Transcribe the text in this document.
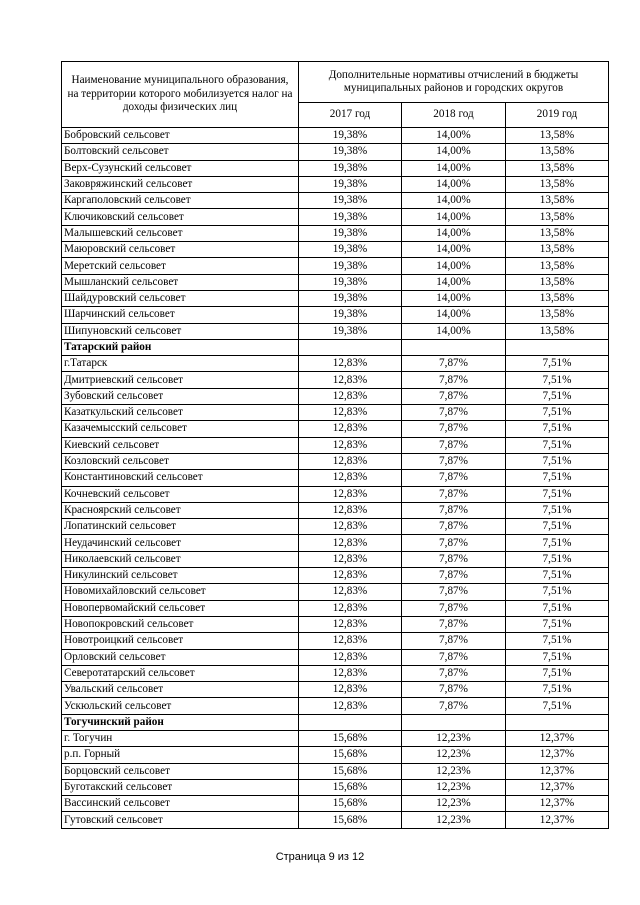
Наименование муниципального образования, на территории которого мобилизуется налог на доходы физических лиц	Дополнительные нормативы отчислений в бюджеты муниципальных районов и городских округов		
	2017 год	2018 год	2019 год
Бобровский сельсовет	19,38%	14,00%	13,58%
Болтовский сельсовет	19,38%	14,00%	13,58%
Верх-Сузунский сельсовет	19,38%	14,00%	13,58%
Заковряжинский сельсовет	19,38%	14,00%	13,58%
Каргаполовский сельсовет	19,38%	14,00%	13,58%
Ключиковский сельсовет	19,38%	14,00%	13,58%
Малышевский сельсовет	19,38%	14,00%	13,58%
Маюровский сельсовет	19,38%	14,00%	13,58%
Меретский сельсовет	19,38%	14,00%	13,58%
Мышланский сельсовет	19,38%	14,00%	13,58%
Шайдуровский сельсовет	19,38%	14,00%	13,58%
Шарчинский сельсовет	19,38%	14,00%	13,58%
Шипуновский сельсовет	19,38%	14,00%	13,58%
Татарский район			
г.Татарск	12,83%	7,87%	7,51%
Дмитриевский сельсовет	12,83%	7,87%	7,51%
Зубовский сельсовет	12,83%	7,87%	7,51%
Казаткульский сельсовет	12,83%	7,87%	7,51%
Казачемысский сельсовет	12,83%	7,87%	7,51%
Киевский сельсовет	12,83%	7,87%	7,51%
Козловский сельсовет	12,83%	7,87%	7,51%
Константиновский сельсовет	12,83%	7,87%	7,51%
Кочневский сельсовет	12,83%	7,87%	7,51%
Красноярский сельсовет	12,83%	7,87%	7,51%
Лопатинский сельсовет	12,83%	7,87%	7,51%
Неудачинский сельсовет	12,83%	7,87%	7,51%
Николаевский сельсовет	12,83%	7,87%	7,51%
Никулинский сельсовет	12,83%	7,87%	7,51%
Новомихайловский сельсовет	12,83%	7,87%	7,51%
Новопервомайский сельсовет	12,83%	7,87%	7,51%
Новопокровский сельсовет	12,83%	7,87%	7,51%
Новотроицкий сельсовет	12,83%	7,87%	7,51%
Орловский сельсовет	12,83%	7,87%	7,51%
Северотатарский сельсовет	12,83%	7,87%	7,51%
Увальский сельсовет	12,83%	7,87%	7,51%
Ускюльский сельсовет	12,83%	7,87%	7,51%
Тогучинский район			
г. Тогучин	15,68%	12,23%	12,37%
р.п. Горный	15,68%	12,23%	12,37%
Борцовский сельсовет	15,68%	12,23%	12,37%
Буготакский сельсовет	15,68%	12,23%	12,37%
Вассинский сельсовет	15,68%	12,23%	12,37%
Гутовский сельсовет	15,68%	12,23%	12,37%
Страница 9 из 12
